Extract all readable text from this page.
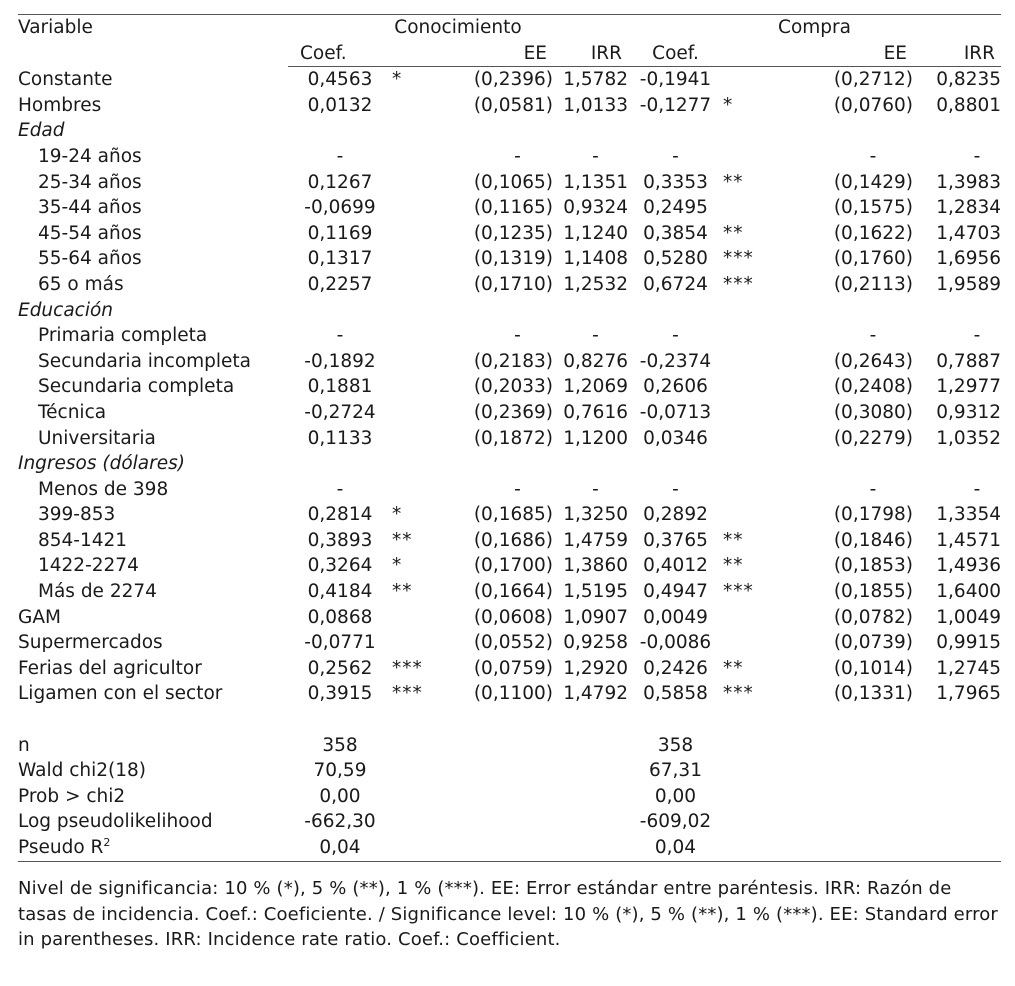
Variable	Conocimiento				Compra			
	Coef.		EE	IRR	Coef.		EE	IRR
Constante	0,4563	*	(0,2396)	1,5782	-0,1941		(0,2712)	0,8235
Hombres	0,0132		(0,0581)	1,0133	-0,1277	*	(0,0760)	0,8801
Edad								
19-24 años	-		-	-	-		-	-
25-34 años	0,1267		(0,1065)	1,1351	0,3353	**	(0,1429)	1,3983
35-44 años	-0,0699		(0,1165)	0,9324	0,2495		(0,1575)	1,2834
45-54 años	0,1169		(0,1235)	1,1240	0,3854	**	(0,1622)	1,4703
55-64 años	0,1317		(0,1319)	1,1408	0,5280	***	(0,1760)	1,6956
65 o más	0,2257		(0,1710)	1,2532	0,6724	***	(0,2113)	1,9589
Educación								
Primaria completa	-		-	-	-		-	-
Secundaria incompleta	-0,1892		(0,2183)	0,8276	-0,2374		(0,2643)	0,7887
Secundaria completa	0,1881		(0,2033)	1,2069	0,2606		(0,2408)	1,2977
Técnica	-0,2724		(0,2369)	0,7616	-0,0713		(0,3080)	0,9312
Universitaria	0,1133		(0,1872)	1,1200	0,0346		(0,2279)	1,0352
Ingresos (dólares)								
Menos de 398	-		-	-	-		-	-
399-853	0,2814	*	(0,1685)	1,3250	0,2892		(0,1798)	1,3354
854-1421	0,3893	**	(0,1686)	1,4759	0,3765	**	(0,1846)	1,4571
1422-2274	0,3264	*	(0,1700)	1,3860	0,4012	**	(0,1853)	1,4936
Más de 2274	0,4184	**	(0,1664)	1,5195	0,4947	***	(0,1855)	1,6400
GAM	0,0868		(0,0608)	1,0907	0,0049		(0,0782)	1,0049
Supermercados	-0,0771		(0,0552)	0,9258	-0,0086		(0,0739)	0,9915
Ferias del agricultor	0,2562	***	(0,0759)	1,2920	0,2426	**	(0,1014)	1,2745
Ligamen con el sector	0,3915	***	(0,1100)	1,4792	0,5858	***	(0,1331)	1,7965

n	358				358			
Wald chi2(18)	70,59				67,31			
Prob > chi2	0,00				0,00			
Log pseudolikelihood	-662,30				-609,02			
Pseudo $R^2$	0,04				0,04			
Nivel de significancia: 10 % (*), 5 % (**), 1 % (***). EE: Error estándar entre paréntesis. IRR: Razón de tasas de incidencia. Coef.: Coeficiente. / Significance level: 10 % (*), 5 % (**), 1 % (***). EE: Standard error in parentheses. IRR: Incidence rate ratio. Coef.: Coefficient.
